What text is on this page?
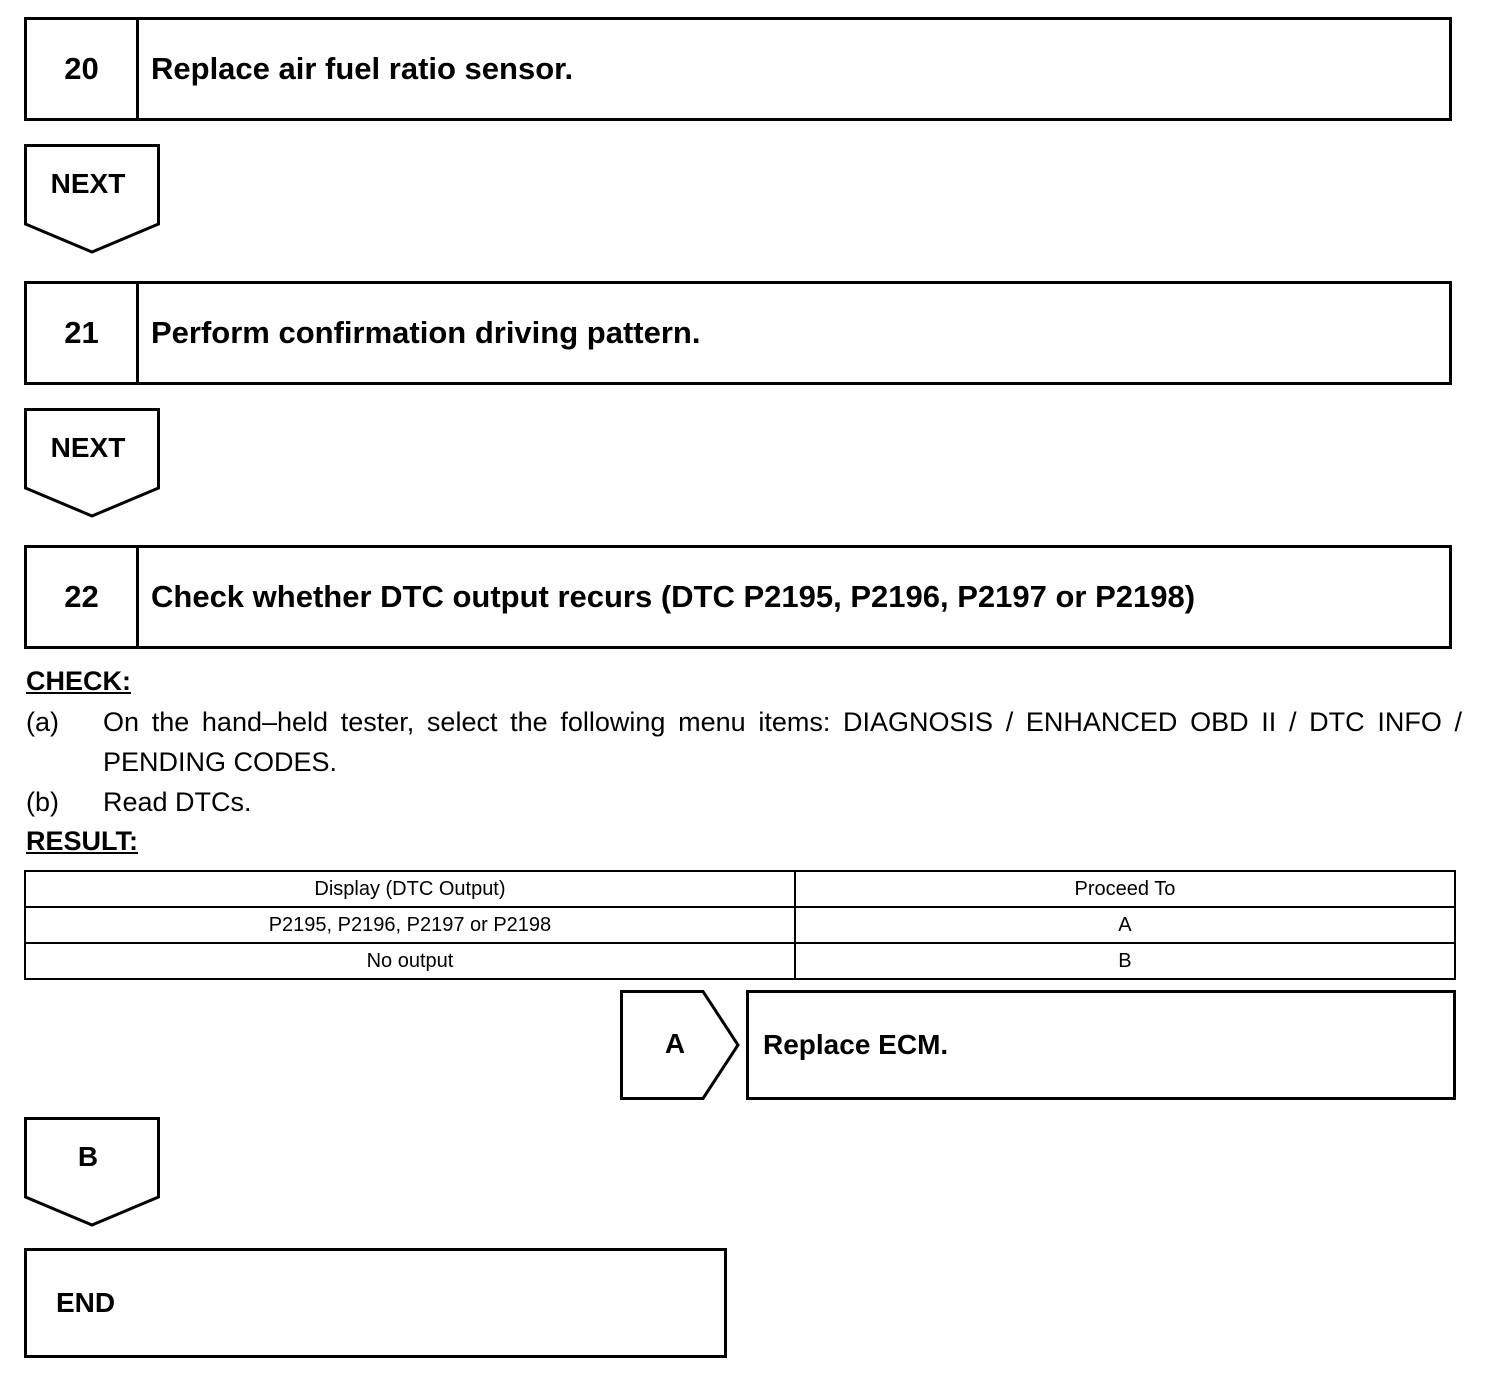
20	Replace air fuel ratio sensor.
NEXT
21	Perform confirmation driving pattern.
NEXT
22	Check whether DTC output recurs (DTC P2195, P2196, P2197 or P2198)
CHECK:
(a) On the hand–held tester, select the following menu items: DIAGNOSIS / ENHANCED OBD II / DTC INFO / PENDING CODES.
(b) Read DTCs.
RESULT:
Display (DTC Output)	Proceed To
P2195, P2196, P2197 or P2198	A
No output	B
A	Replace ECM.
B
END
